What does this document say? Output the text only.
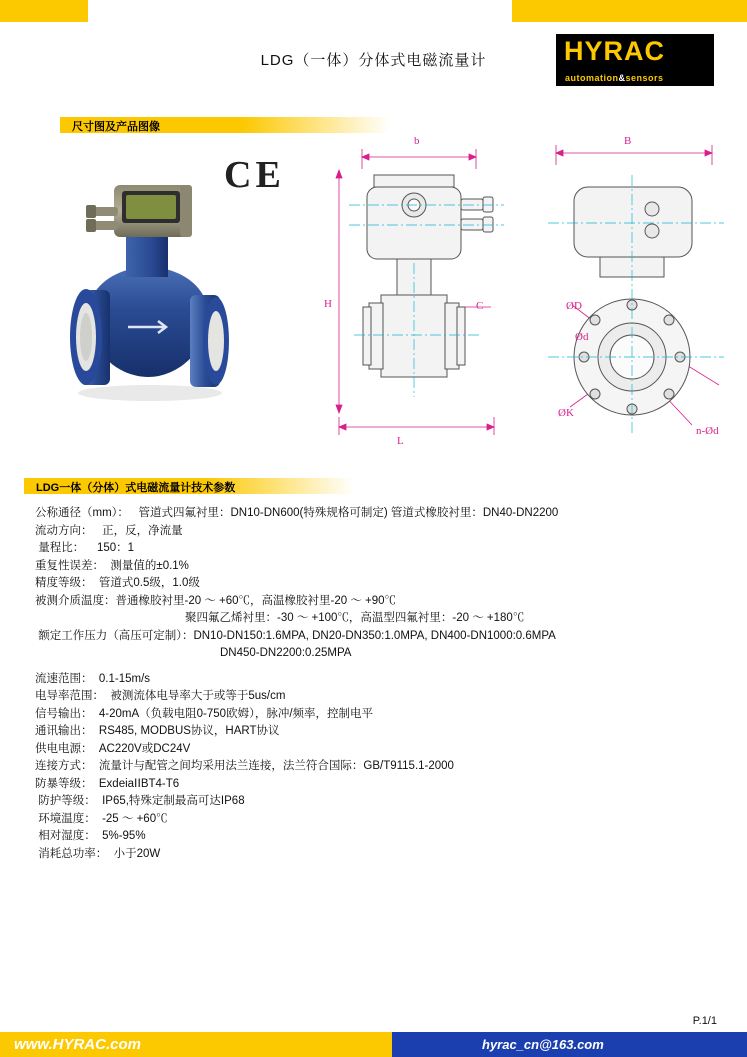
LDG（一体）分体式电磁流量计	HYRAC
automation&sensors
尺寸图及产品图像
CE
b
H	C
L
B
ØD
Ød
ØK
n-Ød
LDG一体（分体）式电磁流量计技术参数
公称通径（mm）：   管道式四氟衬里：DN10-DN600(特殊规格可制定) 管道式橡胶衬里：DN40-DN2200
流动方向：   正，反，净流量
量程比：    150：1
重复性误差：  测量值的±0.1%
精度等级：  管道式0.5级，1.0级
被测介质温度：普通橡胶衬里-20 ～ +60℃，高温橡胶衬里-20 ～ +90℃
聚四氟乙烯衬里：-30 ～ +100℃，高温型四氟衬里：-20 ～ +180℃
额定工作压力（高压可定制）：DN10-DN150:1.6MPA, DN20-DN350:1.0MPA, DN400-DN1000:0.6MPA
DN450-DN2200:0.25MPA
流速范围：  0.1-15m/s
电导率范围：  被测流体电导率大于或等于5us/cm
信号输出：  4-20mA（负载电阻0-750欧姆），脉冲/频率，控制电平
通讯输出：  RS485, MODBUS协议，HART协议
供电电源：  AC220V或DC24V
连接方式：  流量计与配管之间均采用法兰连接，法兰符合国际：GB/T9115.1-2000
防暴等级：  ExdeiaⅠⅠBT4-T6
防护等级：  IP65,特殊定制最高可达IP68
环境温度：  -25 ～ +60℃
相对湿度：  5%-95%
消耗总功率：  小于20W
P.1/1
www.HYRAC.com	hyrac_cn@163.com
